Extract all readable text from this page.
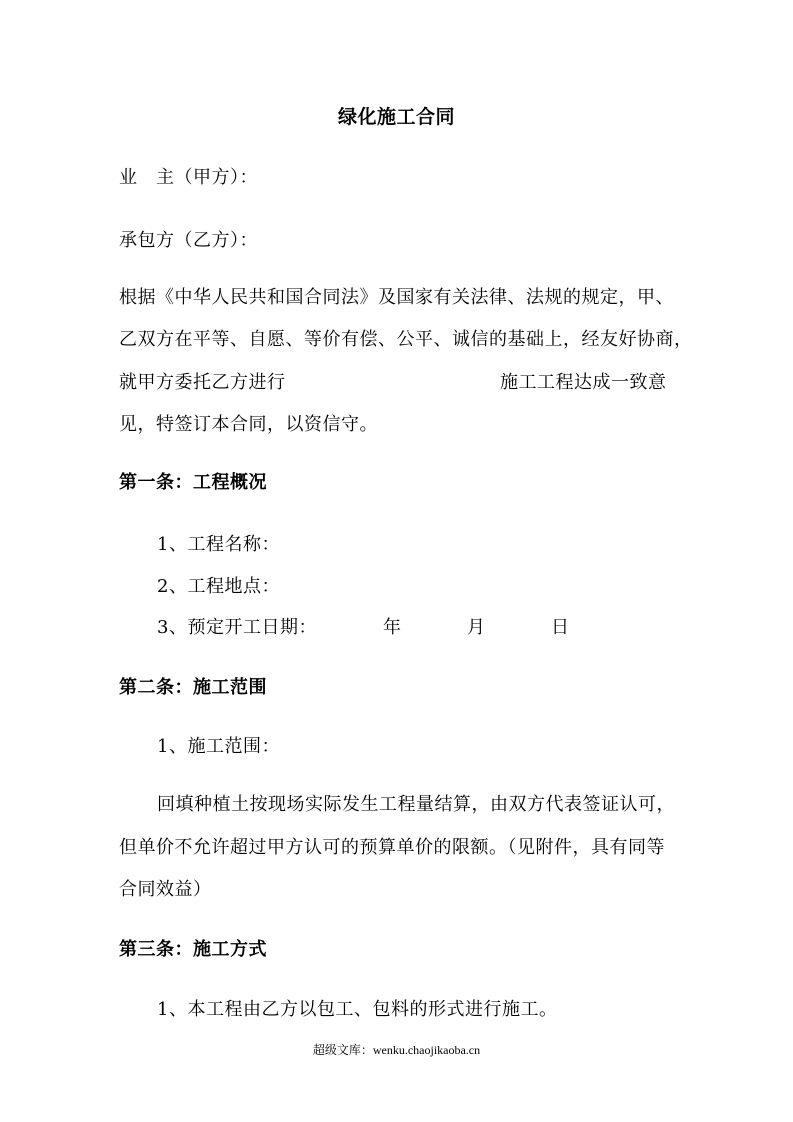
绿化施工合同
业　主（甲方）：
承包方（乙方）：
根据《中华人民共和国合同法》及国家有关法律、法规的规定，甲、
乙双方在平等、自愿、等价有偿、公平、诚信的基础上，经友好协商，
就甲方委托乙方进行	施工工程达成一致意
见，特签订本合同，以资信守。
第一条：工程概况
1、工程名称：
2、工程地点：
3、预定开工日期：	年	月	日
第二条：施工范围
1、施工范围：
回填种植土按现场实际发生工程量结算，由双方代表签证认可，
但单价不允许超过甲方认可的预算单价的限额。（见附件，具有同等
合同效益）
第三条：施工方式
1、本工程由乙方以包工、包料的形式进行施工。
超级文库：wenku.chaojikaoba.cn
